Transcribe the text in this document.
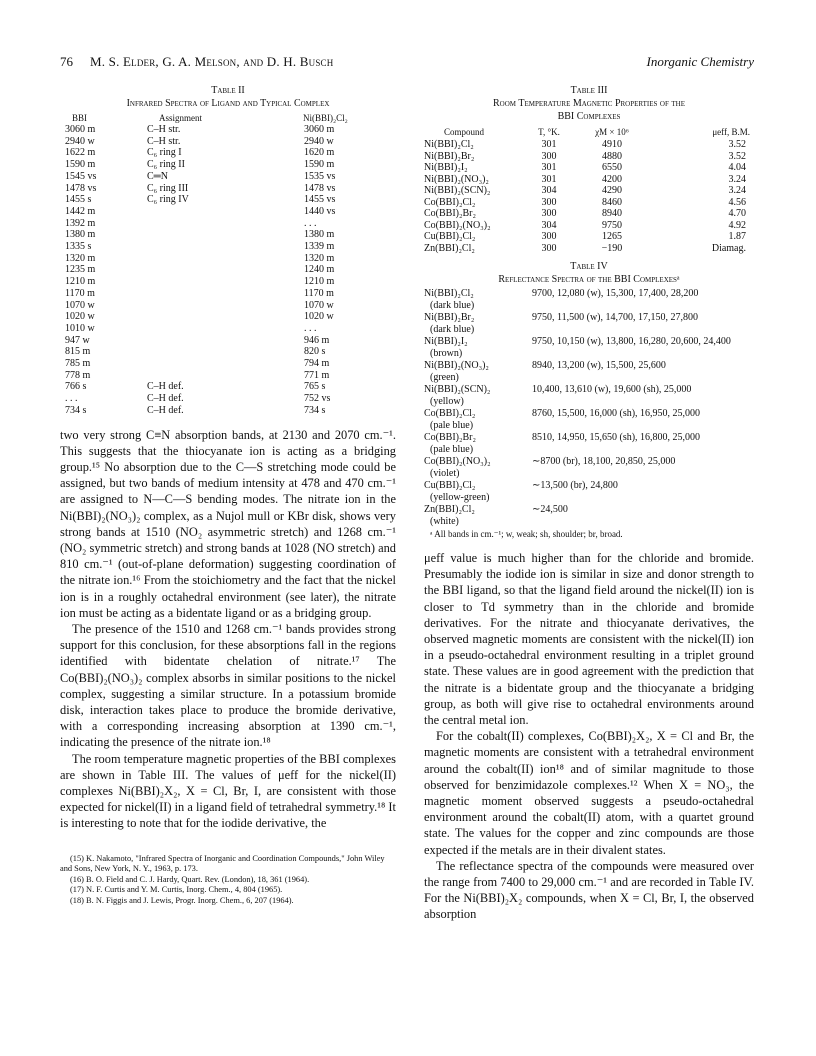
76 M. S. Elder, G. A. Melson, and D. H. Busch	Inorganic Chemistry
Table II
Infrared Spectra of Ligand and Typical Complex
BBI	Assignment	Ni(BBI)₂Cl₂
3060 m	C–H str.	3060 m
2940 w	C–H str.	2940 w
1622 m	C₆ ring I	1620 m
1590 m	C₆ ring II	1590 m
1545 vs	C═N	1535 vs
1478 vs	C₆ ring III	1478 vs
1455 s	C₆ ring IV	1455 vs
1442 m		1440 vs
1392 m		. . .
1380 m		1380 m
1335 s		1339 m
1320 m		1320 m
1235 m		1240 m
1210 m		1210 m
1170 m		1170 m
1070 w		1070 w
1020 w		1020 w
1010 w		. . .
947 w		946 m
815 m		820 s
785 m		794 m
778 m		771 m
766 s	C–H def.	765 s
. . .	C–H def.	752 vs
734 s	C–H def.	734 s

two very strong C≡N absorption bands, at 2130 and 2070 cm.⁻¹. This suggests that the thiocyanate ion is acting as a bridging group.¹⁵ No absorption due to the C—S stretching mode could be assigned, but two bands of medium intensity at 478 and 470 cm.⁻¹ are assigned to N—C—S bending modes. The nitrate ion in the Ni(BBI)₂(NO₃)₂ complex, as a Nujol mull or KBr disk, shows very strong bands at 1510 (NO₂ asymmetric stretch) and 1268 cm.⁻¹ (NO₂ symmetric stretch) and strong bands at 1028 (NO stretch) and 810 cm.⁻¹ (out-of-plane deformation) suggesting coordination of the nitrate ion.¹⁶ From the stoichiometry and the fact that the nickel ion is in a roughly octahedral environment (see later), the nitrate ion must be acting as a bidentate ligand or as a bridging group.

The presence of the 1510 and 1268 cm.⁻¹ bands provides strong support for this conclusion, for these absorptions fall in the regions identified with bidentate chelation of nitrate.¹⁷ The Co(BBI)₂(NO₃)₂ complex absorbs in similar positions to the nickel complex, suggesting a similar structure. In a potassium bromide disk, interaction takes place to produce the bromide derivative, with a corresponding increasing absorption at 1390 cm.⁻¹, indicating the presence of the nitrate ion.¹⁸

The room temperature magnetic properties of the BBI complexes are shown in Table III. The values of μeff for the nickel(II) complexes Ni(BBI)₂X₂, X = Cl, Br, I, are consistent with those expected for nickel(II) in a ligand field of tetrahedral symmetry.¹⁸ It is interesting to note that for the iodide derivative, the

(15) K. Nakamoto, "Infrared Spectra of Inorganic and Coordination Compounds," John Wiley and Sons, New York, N. Y., 1963, p. 173.
(16) B. O. Field and C. J. Hardy, Quart. Rev. (London), 18, 361 (1964).
(17) N. F. Curtis and Y. M. Curtis, Inorg. Chem., 4, 804 (1965).
(18) B. N. Figgis and J. Lewis, Progr. Inorg. Chem., 6, 207 (1964).
Table III
Room Temperature Magnetic Properties of the
BBI Complexes
Compound	T, °K.	χM × 10⁶	μeff, B.M.
Ni(BBI)₂Cl₂	301	4910	3.52
Ni(BBI)₂Br₂	300	4880	3.52
Ni(BBI)₂I₂	301	6550	4.04
Ni(BBI)₂(NO₃)₂	301	4200	3.24
Ni(BBI)₂(SCN)₂	304	4290	3.24
Co(BBI)₂Cl₂	300	8460	4.56
Co(BBI)₂Br₂	300	8940	4.70
Co(BBI)₂(NO₃)₂	304	9750	4.92
Cu(BBI)₂Cl₂	300	1265	1.87
Zn(BBI)₂Cl₂	300	−190	Diamag.
Table IV
Reflectance Spectra of the BBI Complexesᵃ
Ni(BBI)₂Cl₂
(dark blue)	9700, 12,080 (w), 15,300, 17,400, 28,200
Ni(BBI)₂Br₂
(dark blue)	9750, 11,500 (w), 14,700, 17,150, 27,800
Ni(BBI)₂I₂
(brown)	9750, 10,150 (w), 13,800, 16,280, 20,600, 24,400
Ni(BBI)₂(NO₃)₂
(green)	8940, 13,200 (w), 15,500, 25,600
Ni(BBI)₂(SCN)₂
(yellow)	10,400, 13,610 (w), 19,600 (sh), 25,000
Co(BBI)₂Cl₂
(pale blue)	8760, 15,500, 16,000 (sh), 16,950, 25,000
Co(BBI)₂Br₂
(pale blue)	8510, 14,950, 15,650 (sh), 16,800, 25,000
Co(BBI)₂(NO₃)₂
(violet)	∼8700 (br), 18,100, 20,850, 25,000
Cu(BBI)₂Cl₂
(yellow-green)	∼13,500 (br), 24,800
Zn(BBI)₂Cl₂
(white)	∼24,500
ᵃ All bands in cm.⁻¹; w, weak; sh, shoulder; br, broad.

μeff value is much higher than for the chloride and bromide. Presumably the iodide ion is similar in size and donor strength to the BBI ligand, so that the ligand field around the nickel(II) ion is closer to Td symmetry than in the chloride and bromide derivatives. For the nitrate and thiocyanate derivatives, the observed magnetic moments are consistent with the nickel(II) ion in a pseudo-octahedral environment resulting in a triplet ground state. These values are in good agreement with the prediction that the nitrate is a bidentate group and the thiocyanate a bridging group, as both will give rise to octahedral environments around the central metal ion.

For the cobalt(II) complexes, Co(BBI)₂X₂, X = Cl and Br, the magnetic moments are consistent with a tetrahedral environment around the cobalt(II) ion¹⁸ and of similar magnitude to those observed for benzimidazole complexes.¹² When X = NO₃, the magnetic moment observed suggests a pseudo-octahedral environment around the cobalt(II) atom, with a quartet ground state. The values for the copper and zinc compounds are those expected if the metals are in their divalent states.

The reflectance spectra of the compounds were measured over the range from 7400 to 29,000 cm.⁻¹ and are recorded in Table IV. For the Ni(BBI)₂X₂ compounds, when X = Cl, Br, I, the observed absorption
